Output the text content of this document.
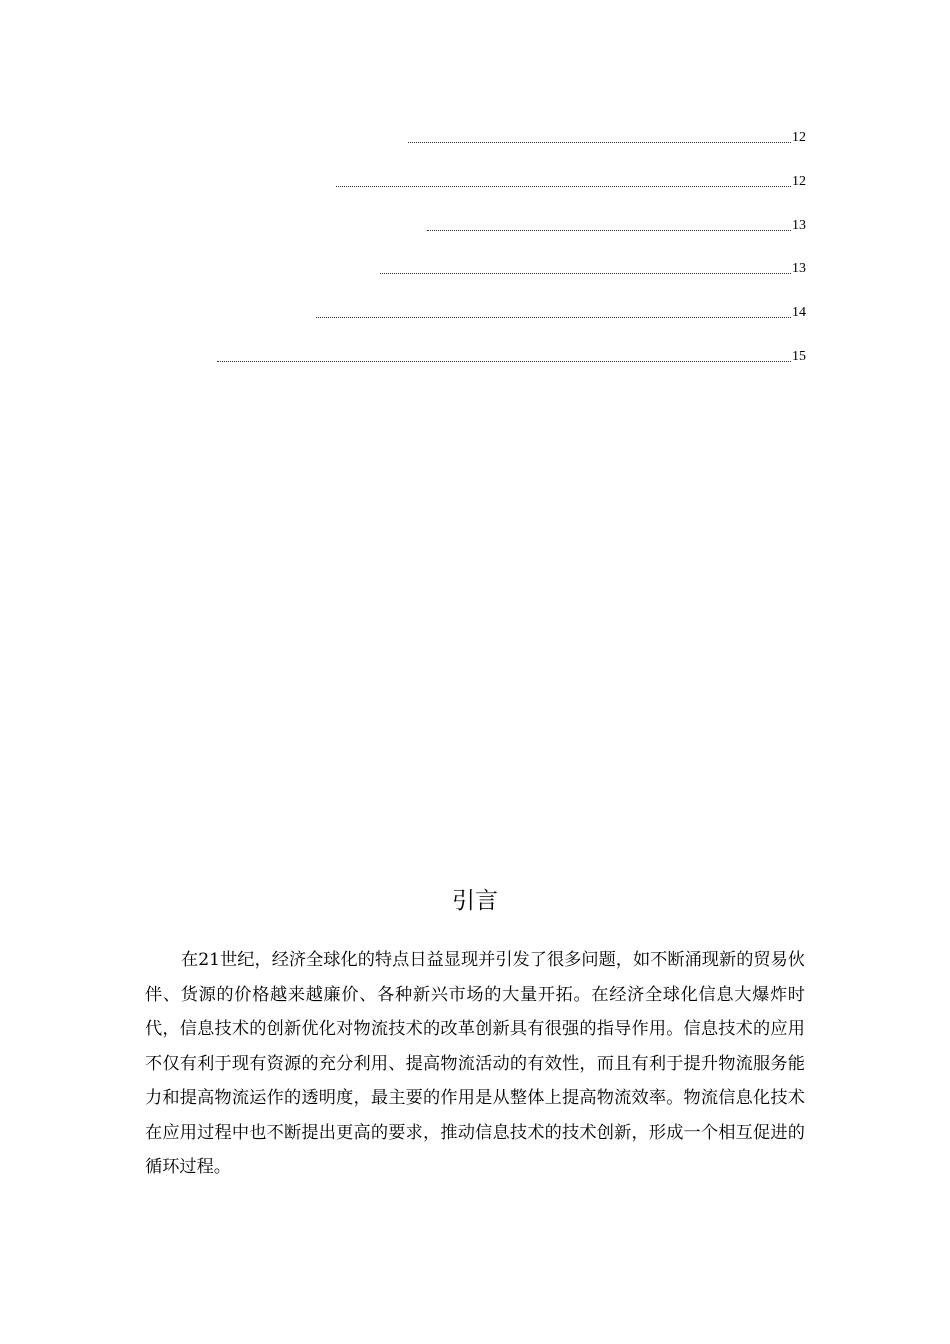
12
12
13
13
14
15
引言

在21世纪，经济全球化的特点日益显现并引发了很多问题，如不断涌现新的贸易伙伴、货源的价格越来越廉价、各种新兴市场的大量开拓。在经济全球化信息大爆炸时代，信息技术的创新优化对物流技术的改革创新具有很强的指导作用。信息技术的应用不仅有利于现有资源的充分利用、提高物流活动的有效性，而且有利于提升物流服务能力和提高物流运作的透明度，最主要的作用是从整体上提高物流效率。物流信息化技术在应用过程中也不断提出更高的要求，推动信息技术的技术创新，形成一个相互促进的循环过程。
